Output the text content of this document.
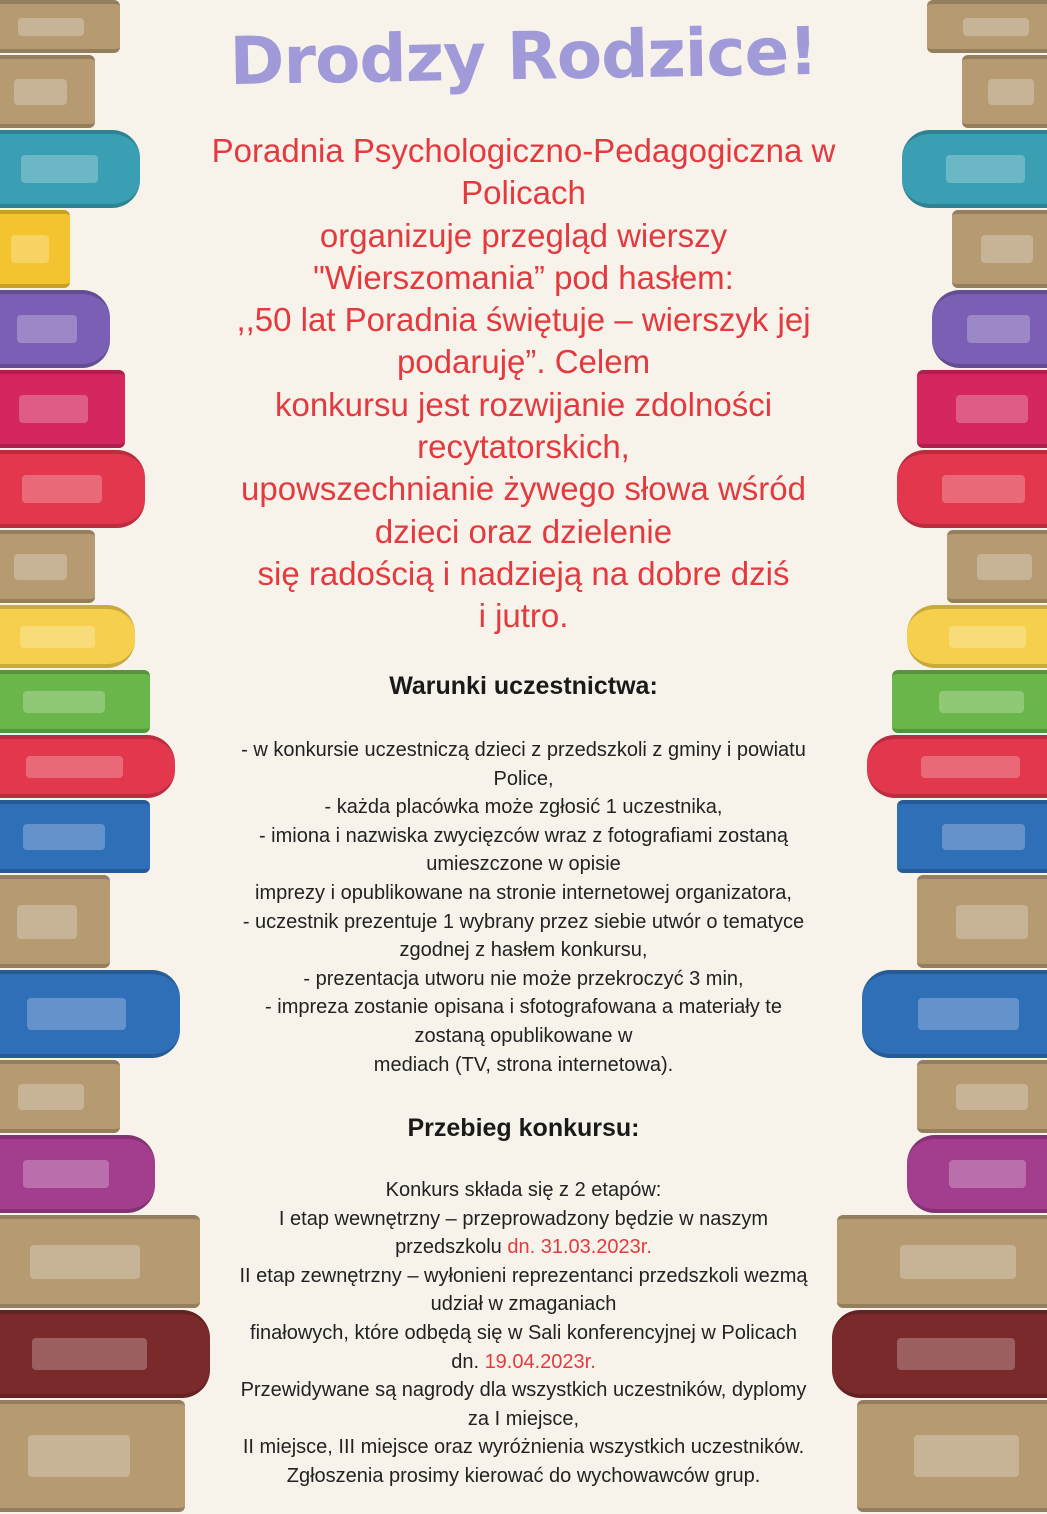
Drodzy Rodzice!
Poradnia Psychologiczno-Pedagogiczna w
Policach
organizuje przegląd wierszy
"Wierszomania” pod hasłem:
,,50 lat Poradnia świętuje – wierszyk jej
podaruję”. Celem
konkursu jest rozwijanie zdolności
recytatorskich,
upowszechnianie żywego słowa wśród
dzieci oraz dzielenie
się radością i nadzieją na dobre dziś
i jutro.
Warunki uczestnictwa:
- w konkursie uczestniczą dzieci z przedszkoli z gminy i powiatu
Police,
- każda placówka może zgłosić 1 uczestnika,
- imiona i nazwiska zwycięzców wraz z fotografiami zostaną
umieszczone w opisie
imprezy i opublikowane na stronie internetowej organizatora,
- uczestnik prezentuje 1 wybrany przez siebie utwór o tematyce
zgodnej z hasłem konkursu,
- prezentacja utworu nie może przekroczyć 3 min,
- impreza zostanie opisana i sfotografowana a materiały te
zostaną opublikowane w
mediach (TV, strona internetowa).
Przebieg konkursu:
Konkurs składa się z 2 etapów:
I etap wewnętrzny – przeprowadzony będzie w naszym
przedszkolu dn. 31.03.2023r.
II etap zewnętrzny – wyłonieni reprezentanci przedszkoli wezmą
udział w zmaganiach
finałowych, które odbędą się w Sali konferencyjnej w Policach
dn. 19.04.2023r.
Przewidywane są nagrody dla wszystkich uczestników, dyplomy
za I miejsce,
II miejsce, III miejsce oraz wyróżnienia wszystkich uczestników.
Zgłoszenia prosimy kierować do wychowawców grup.
